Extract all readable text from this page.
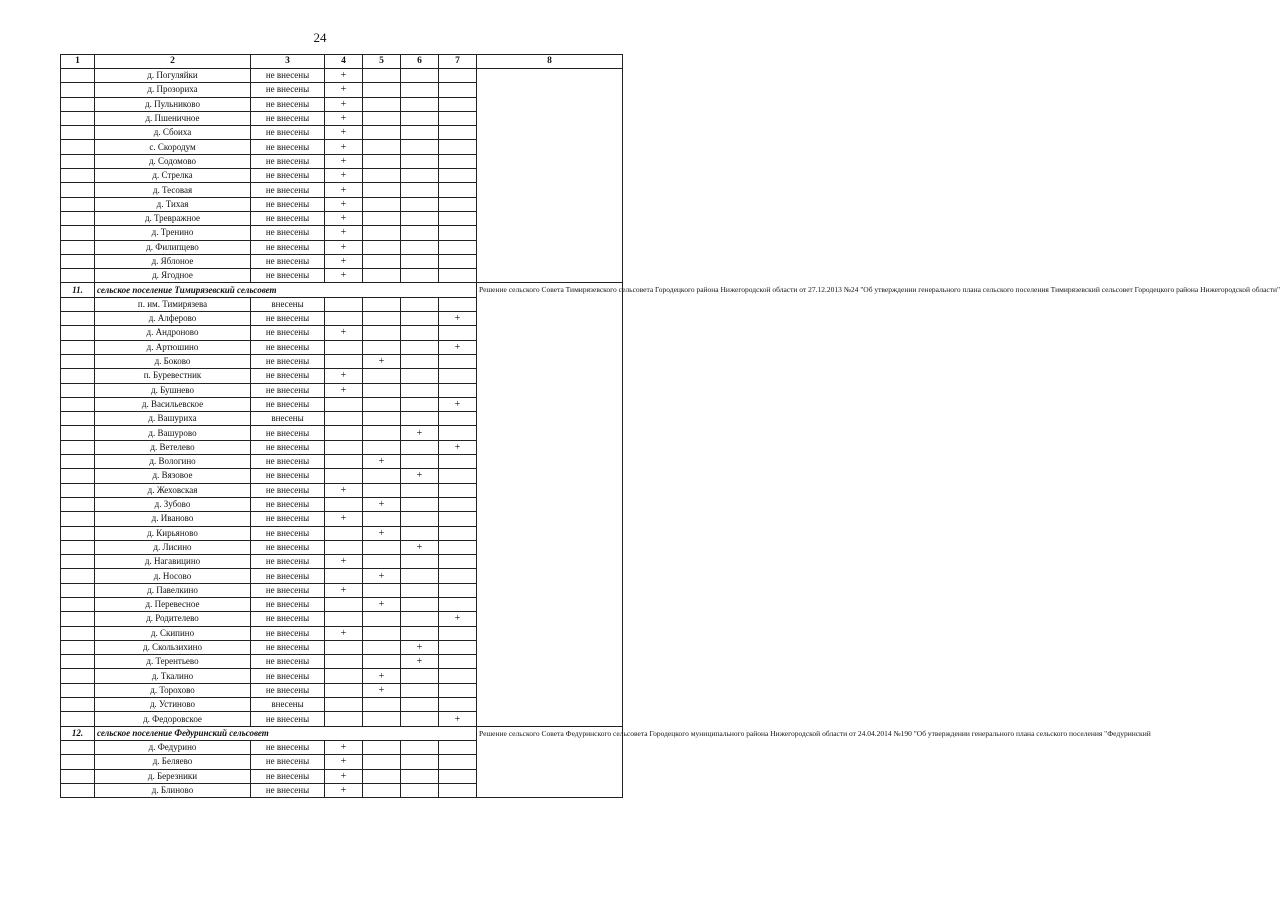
24
1	2	3	4	5	6	7	8
	д. Погуляйки	не внесены	+				
	д. Прозориха	не внесены	+				
	д. Пульниково	не внесены	+				
	д. Пшеничное	не внесены	+				
	д. Сбоиха	не внесены	+				
	с. Скородум	не внесены	+				
	д. Содомово	не внесены	+				
	д. Стрелка	не внесены	+				
	д. Тесовая	не внесены	+				
	д. Тихая	не внесены	+				
	д. Тревражное	не внесены	+				
	д. Тренино	не внесены	+				
	д. Филипцево	не внесены	+				
	д. Яблоное	не внесены	+				
	д. Ягодное	не внесены	+				
11.	сельское поселение Тимирязевский сельсовет						Решение сельского Совета Тимирязевского сельсовета Городецкого района Нижегородской области от 27.12.2013 №24 "Об утверждении генерального плана сельского поселения Тимирязевский сельсовет Городецкого района Нижегородской области"
	п. им. Тимирязева	внесены					
	д. Алферово	не внесены				+	
	д. Андроново	не внесены	+				
	д. Артюшино	не внесены				+	
	д. Боково	не внесены		+			
	п. Буревестник	не внесены	+				
	д. Бушнево	не внесены	+				
	д. Васильевское	не внесены				+	
	д. Вашуриха	внесены					
	д. Вашурово	не внесены			+		
	д. Ветелево	не внесены				+	
	д. Вологино	не внесены		+			
	д. Вязовое	не внесены			+		
	д. Жеховская	не внесены	+				
	д. Зубово	не внесены		+			
	д. Иваново	не внесены	+				
	д. Кирьяново	не внесены		+			
	д. Лисино	не внесены			+		
	д. Нагавицино	не внесены	+				
	д. Носово	не внесены		+			
	д. Павелкино	не внесены	+				
	д. Перевесное	не внесены		+			
	д. Родителево	не внесены				+	
	д. Скипино	не внесены	+				
	д. Скользихино	не внесены			+		
	д. Терентьево	не внесены			+		
	д. Ткалино	не внесены		+			
	д. Торохово	не внесены		+			
	д. Устиново	внесены					
	д. Федоровское	не внесены				+	
12.	сельское поселение Федуринский сельсовет						Решение сельского Совета Федуринского сельсовета Городецкого муниципального района Нижегородской области от 24.04.2014 №190 "Об утверждении генерального плана сельского поселения "Федуринский
	д. Федурино	не внесены	+				
	д. Беляево	не внесены	+				
	д. Березники	не внесены	+				
	д. Блиново	не внесены	+				
